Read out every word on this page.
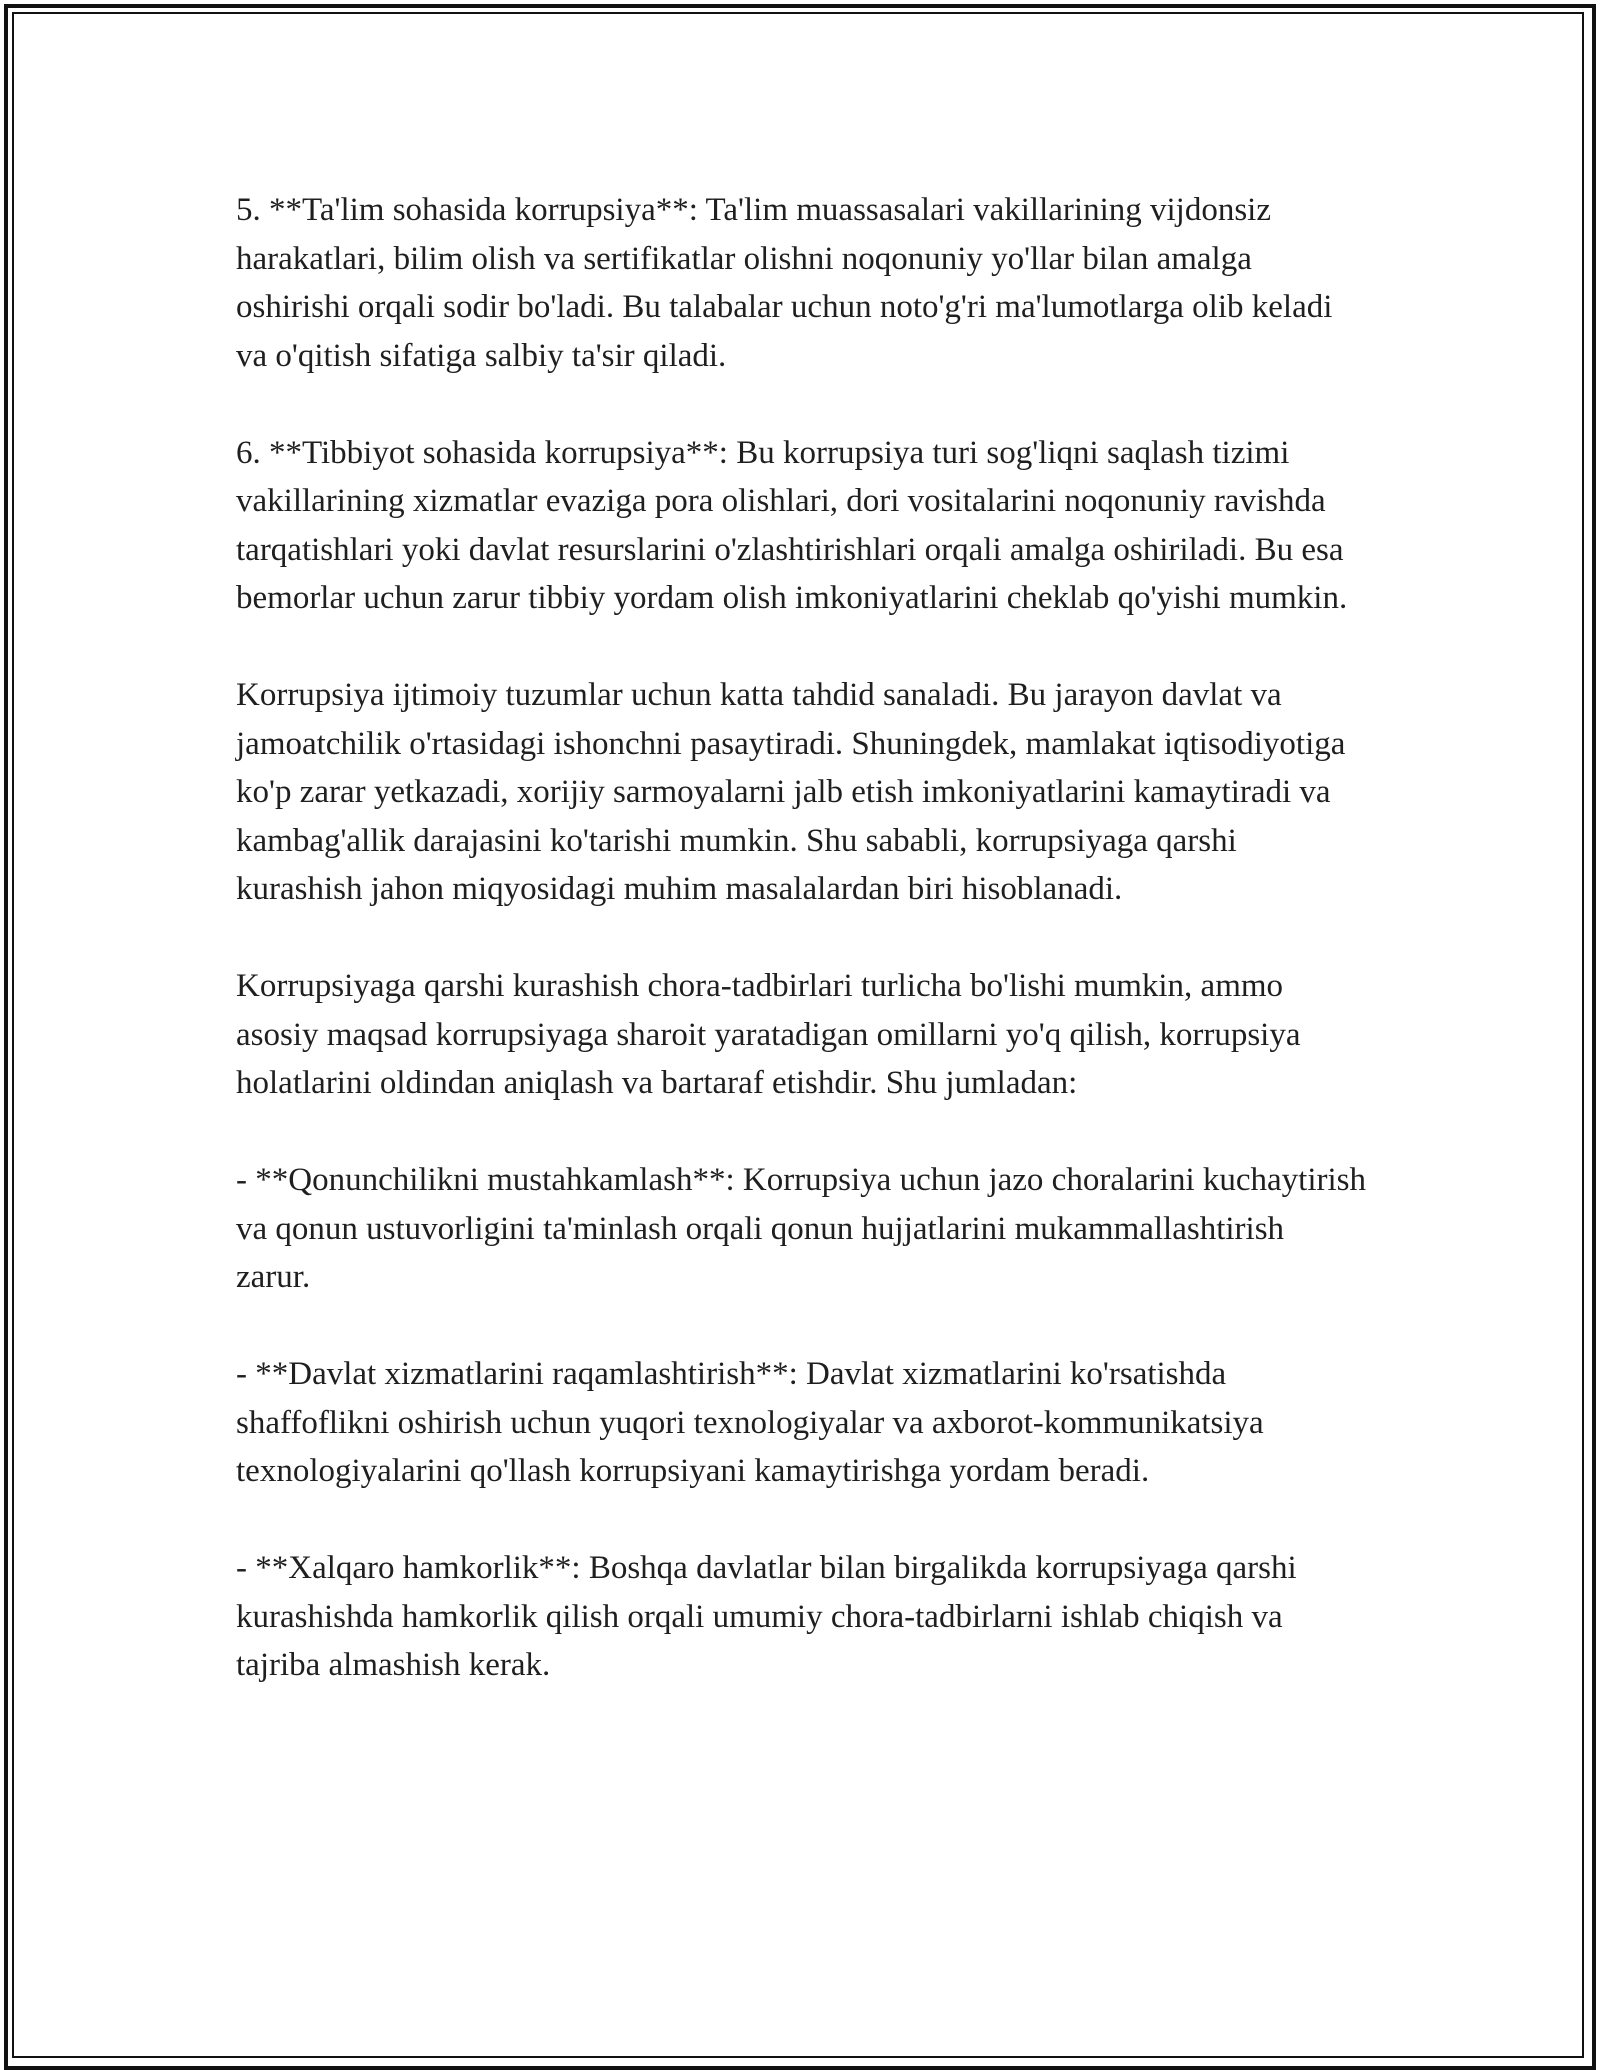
5. **Ta'lim sohasida korrupsiya**: Ta'lim muassasalari vakillarining vijdonsiz harakatlari, bilim olish va sertifikatlar olishni noqonuniy yo'llar bilan amalga oshirishi orqali sodir bo'ladi. Bu talabalar uchun noto'g'ri ma'lumotlarga olib keladi va o'qitish sifatiga salbiy ta'sir qiladi.

6. **Tibbiyot sohasida korrupsiya**: Bu korrupsiya turi sog'liqni saqlash tizimi vakillarining xizmatlar evaziga pora olishlari, dori vositalarini noqonuniy ravishda tarqatishlari yoki davlat resurslarini o'zlashtirishlari orqali amalga oshiriladi. Bu esa bemorlar uchun zarur tibbiy yordam olish imkoniyatlarini cheklab qo'yishi mumkin.

Korrupsiya ijtimoiy tuzumlar uchun katta tahdid sanaladi. Bu jarayon davlat va jamoatchilik o'rtasidagi ishonchni pasaytiradi. Shuningdek, mamlakat iqtisodiyotiga ko'p zarar yetkazadi, xorijiy sarmoyalarni jalb etish imkoniyatlarini kamaytiradi va kambag'allik darajasini ko'tarishi mumkin. Shu sababli, korrupsiyaga qarshi kurashish jahon miqyosidagi muhim masalalardan biri hisoblanadi.

Korrupsiyaga qarshi kurashish chora-tadbirlari turlicha bo'lishi mumkin, ammo asosiy maqsad korrupsiyaga sharoit yaratadigan omillarni yo'q qilish, korrupsiya holatlarini oldindan aniqlash va bartaraf etishdir. Shu jumladan:

- **Qonunchilikni mustahkamlash**: Korrupsiya uchun jazo choralarini kuchaytirish va qonun ustuvorligini ta'minlash orqali qonun hujjatlarini mukammallashtirish zarur.

- **Davlat xizmatlarini raqamlashtirish**: Davlat xizmatlarini ko'rsatishda shaffoflikni oshirish uchun yuqori texnologiyalar va axborot-kommunikatsiya texnologiyalarini qo'llash korrupsiyani kamaytirishga yordam beradi.

- **Xalqaro hamkorlik**: Boshqa davlatlar bilan birgalikda korrupsiyaga qarshi kurashishda hamkorlik qilish orqali umumiy chora-tadbirlarni ishlab chiqish va tajriba almashish kerak.
